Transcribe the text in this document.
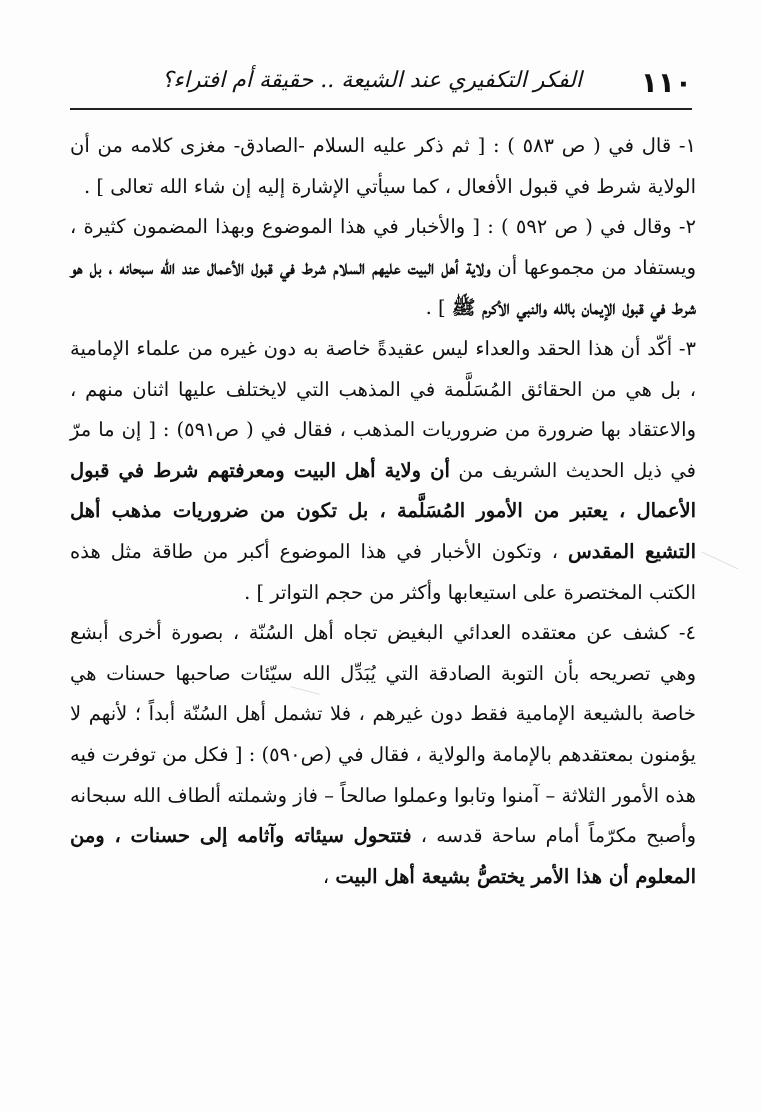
١١٠
الفكر التكفيري عند الشيعة .. حقيقة أم افتراء؟

١- قال في ( ص ٥٨٣ ) : [ ثم ذكر عليه السلام -الصادق- مغزى كلامه من أن الولاية شرط في قبول الأفعال ، كما سيأتي الإشارة إليه إن شاء الله تعالى ] .

٢- وقال في ( ص ٥٩٢ ) : [ والأخبار في هذا الموضوع وبهذا المضمون كثيرة ، ويستفاد من مجموعها أن ولاية أهل البيت عليهم السلام شرط في قبول الأعمال عند الله سبحانه ، بل هو شرط في قبول الإيمان بالله والنبي الأكرم ﷺ ] .

٣- أكّد أن هذا الحقد والعداء ليس عقيدةً خاصة به دون غيره من علماء الإمامية ، بل هي من الحقائق المُسَلَّمة في المذهب التي لايختلف عليها اثنان منهم ، والاعتقاد بها ضرورة من ضروريات المذهب ، فقال في ( ص٥٩١) : [ إن ما مرّ في ذيل الحديث الشريف من أن ولاية أهل البيت ومعرفتهم شرط في قبول الأعمال ، يعتبر من الأمور المُسَلَّمة ، بل تكون من ضروريات مذهب أهل التشيع المقدس ، وتكون الأخبار في هذا الموضوع أكبر من طاقة مثل هذه الكتب المختصرة على استيعابها وأكثر من حجم التواتر ] .

٤- كشف عن معتقده العدائي البغيض تجاه أهل السُنّة ، بصورة أخرى أبشع وهي تصريحه بأن التوبة الصادقة التي يُبَدِّل الله سيّئات صاحبها حسنات هي خاصة بالشيعة الإمامية فقط دون غيرهم ، فلا تشمل أهل السُنّة أبداً ؛ لأنهم لا يؤمنون بمعتقدهم بالإمامة والولاية ، فقال في (ص٥٩٠) : [ فكل من توفرت فيه هذه الأمور الثلاثة – آمنوا وتابوا وعملوا صالحاً – فاز وشملته ألطاف الله سبحانه وأصبح مكرّماً أمام ساحة قدسه ، فتتحول سيئاته وآثامه إلى حسنات ، ومن المعلوم أن هذا الأمر يختصُّ بشيعة أهل البيت ،
